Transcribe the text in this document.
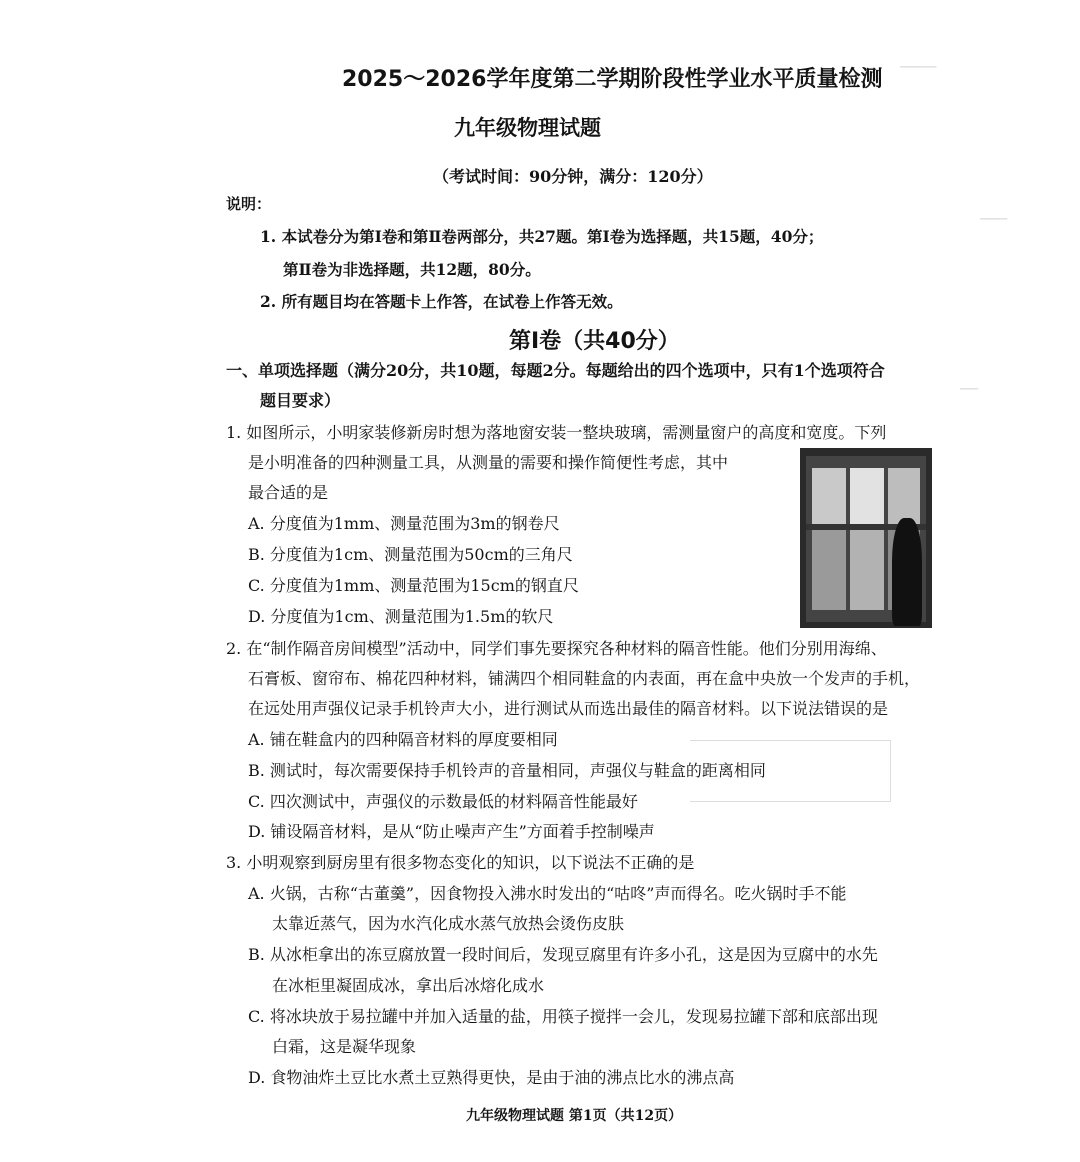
────
───
──
2025～2026学年度第二学期阶段性学业水平质量检测
九年级物理试题
（考试时间：90分钟，满分：120分）
说明：
1. 本试卷分为第Ⅰ卷和第Ⅱ卷两部分，共27题。第Ⅰ卷为选择题，共15题，40分；
第Ⅱ卷为非选择题，共12题，80分。
2. 所有题目均在答题卡上作答，在试卷上作答无效。
第Ⅰ卷（共40分）
一、单项选择题（满分20分，共10题，每题2分。每题给出的四个选项中，只有1个选项符合
题目要求）
1. 如图所示，小明家装修新房时想为落地窗安装一整块玻璃，需测量窗户的高度和宽度。下列
是小明准备的四种测量工具，从测量的需要和操作简便性考虑，其中
最合适的是
A. 分度值为1mm、测量范围为3m的钢卷尺
B. 分度值为1cm、测量范围为50cm的三角尺
C. 分度值为1mm、测量范围为15cm的钢直尺
D. 分度值为1cm、测量范围为1.5m的软尺
2. 在“制作隔音房间模型”活动中，同学们事先要探究各种材料的隔音性能。他们分别用海绵、
石膏板、窗帘布、棉花四种材料，铺满四个相同鞋盒的内表面，再在盒中央放一个发声的手机，
在远处用声强仪记录手机铃声大小，进行测试从而选出最佳的隔音材料。以下说法错误的是
A. 铺在鞋盒内的四种隔音材料的厚度要相同
B. 测试时，每次需要保持手机铃声的音量相同，声强仪与鞋盒的距离相同
C. 四次测试中，声强仪的示数最低的材料隔音性能最好
D. 铺设隔音材料，是从“防止噪声产生”方面着手控制噪声
3. 小明观察到厨房里有很多物态变化的知识，以下说法不正确的是
A. 火锅，古称“古董羹”，因食物投入沸水时发出的“咕咚”声而得名。吃火锅时手不能
太靠近蒸气，因为水汽化成水蒸气放热会烫伤皮肤
B. 从冰柜拿出的冻豆腐放置一段时间后，发现豆腐里有许多小孔，这是因为豆腐中的水先
在冰柜里凝固成冰，拿出后冰熔化成水
C. 将冰块放于易拉罐中并加入适量的盐，用筷子搅拌一会儿，发现易拉罐下部和底部出现
白霜，这是凝华现象
D. 食物油炸土豆比水煮土豆熟得更快，是由于油的沸点比水的沸点高
九年级物理试题 第1页（共12页）
